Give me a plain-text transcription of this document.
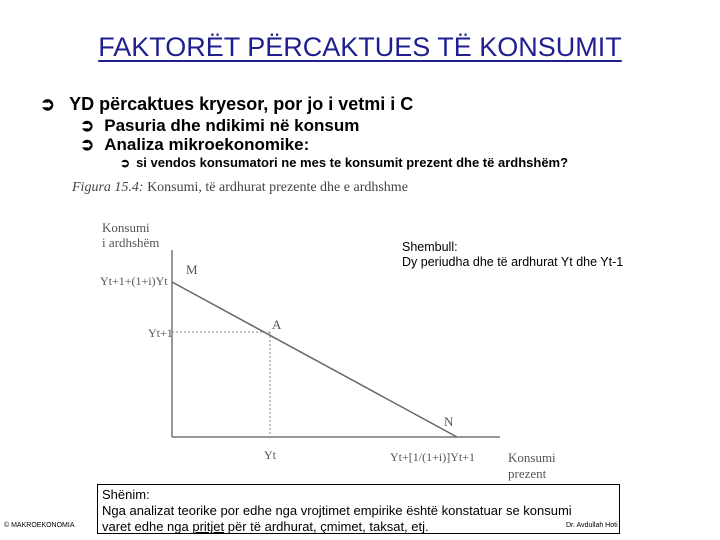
FAKTORËT PËRCAKTUES TË KONSUMIT
➲ YD përcaktues kryesor, por jo i vetmi i C
➲ Pasuria dhe ndikimi në konsum
➲ Analiza mikroekonomike:
➲ si vendos konsumatori ne mes te konsumit prezent dhe të ardhshëm?
Figura 15.4: Konsumi, të ardhurat prezente dhe e ardhshme
Konsumi
i ardhshëm
M
Yt+1+(1+i)Yt
A
Yt+1
N
Yt	Yt+[1/(1+i)]Yt+1	Konsumi
prezent
Shembull:
Dy periudha dhe të ardhurat Yt dhe Yt-1
Shënim:
Nga analizat teorike por edhe nga vrojtimet empirike është konstatuar se konsumi
varet edhe nga pritjet për të ardhurat, çmimet, taksat, etj.
© MAKROEKONOMIA	Dr. Avdullah Hoti
